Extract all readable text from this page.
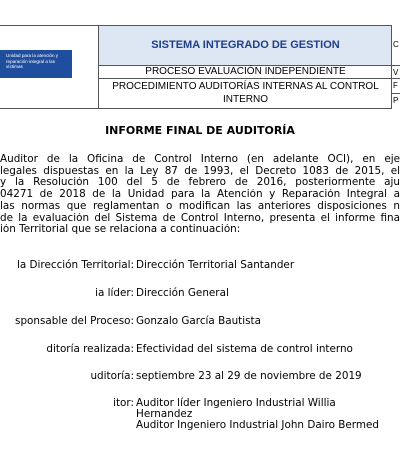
Unidad para la atención y reparación integral a las víctimas
SISTEMA INTEGRADO DE GESTION
PROCESO EVALUACIÓN INDEPENDIENTE
PROCEDIMIENTO AUDITORÍAS INTERNAS AL CONTROL
INTERNO
C
V
F
P
INFORME FINAL DE AUDITORÍA
Auditor de la Oficina de Control Interno (en adelante OCI), en eje
legales dispuestas en la Ley 87 de 1993, el Decreto 1083 de 2015, el
y la Resolución 100 del 5 de febrero de 2016, posteriormente aju
04271 de 2018 de la Unidad para la Atención y Reparación Integral a
las normas que reglamentan o modifican las anteriores disposiciones n
de la evaluación del Sistema de Control Interno, presenta el informe fina
ión Territorial que se relaciona a continuación:
la Dirección Territorial: Dirección Territorial Santander
ia líder: Dirección General
sponsable del Proceso: Gonzalo García Bautista
ditoría realizada: Efectividad del sistema de control interno
uditoría: septiembre 23 al 29 de noviembre de 2019
itor: Auditor líder Ingeniero Industrial Willia
Hernandez
Auditor Ingeniero Industrial John Dairo Bermed
